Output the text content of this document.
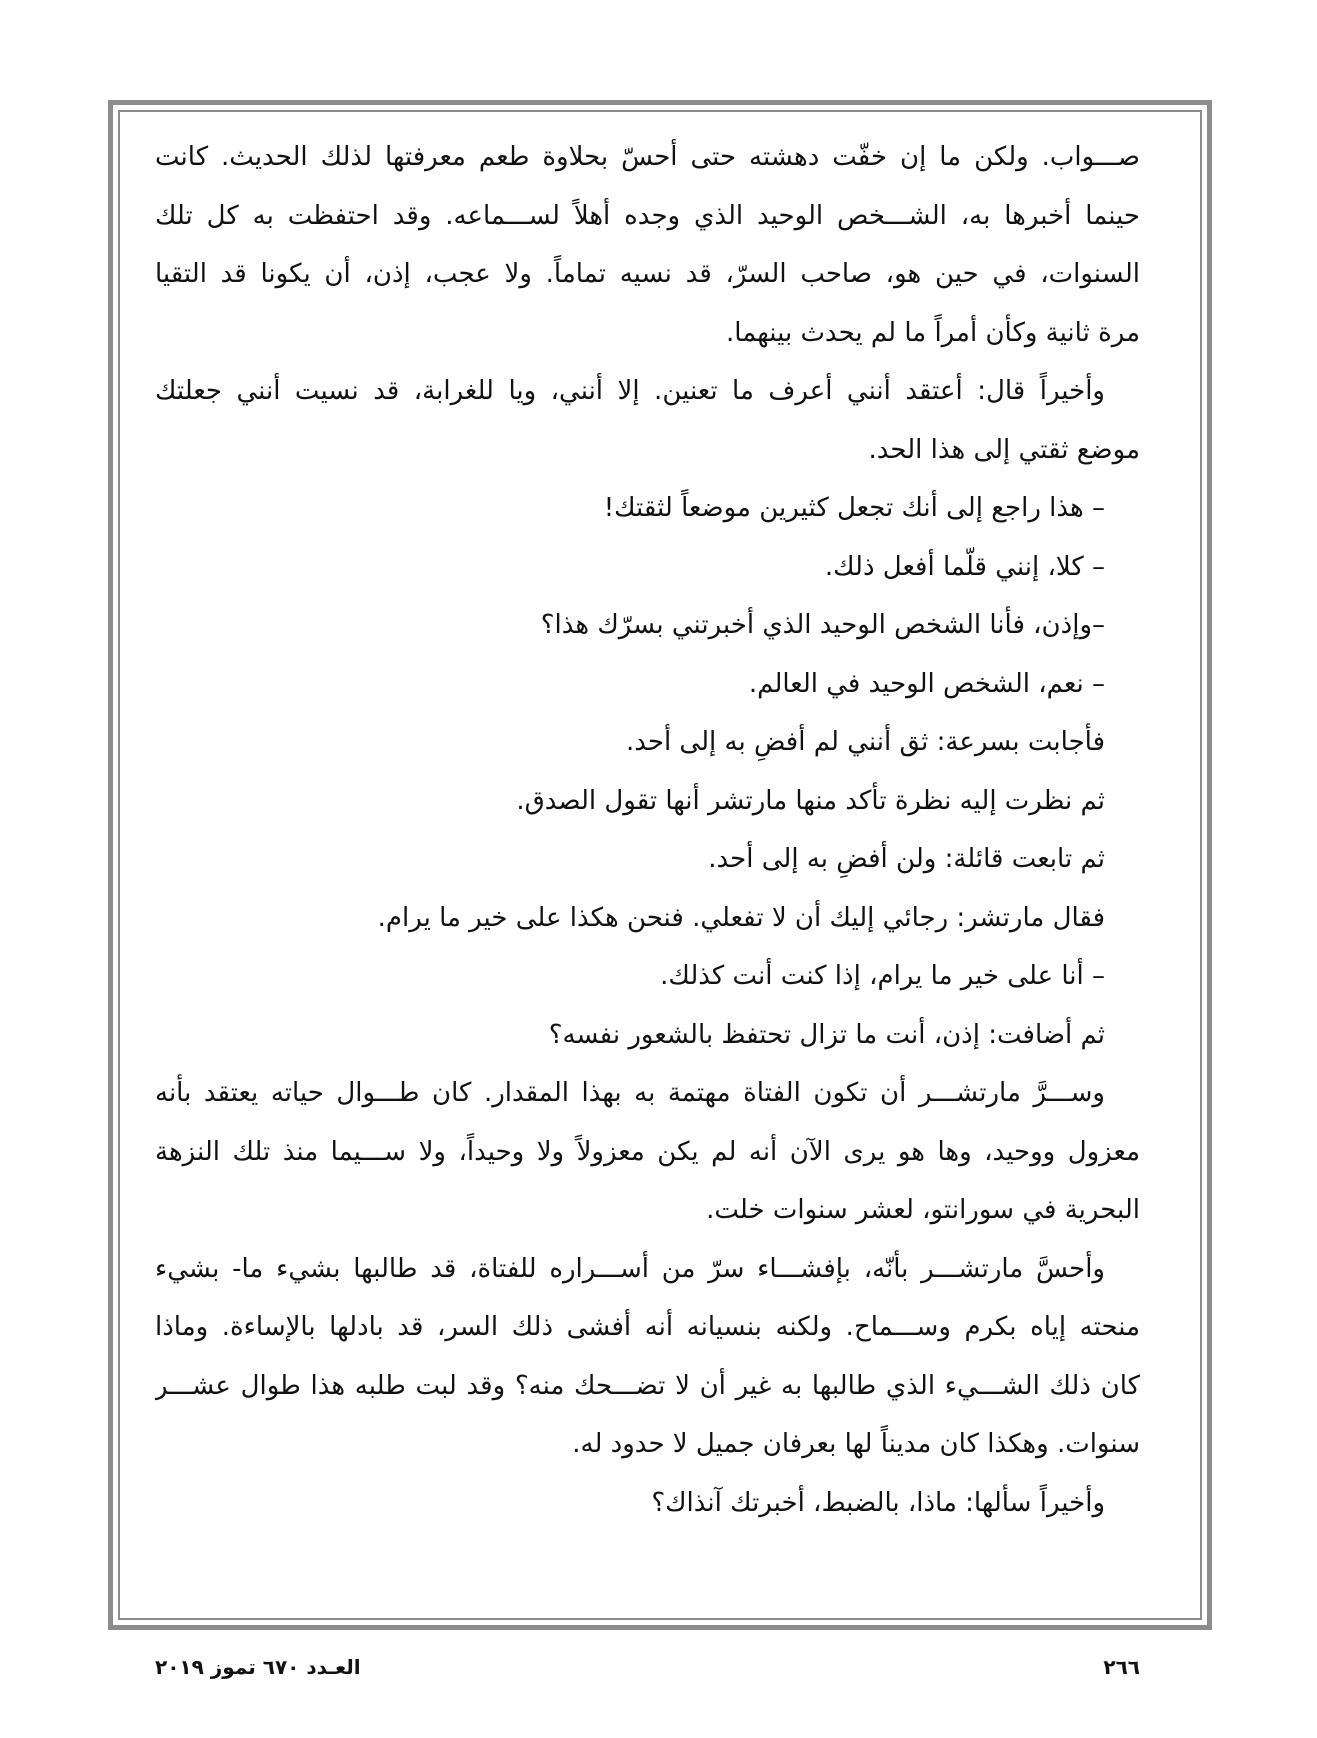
صـــواب. ولكن ما إن خفّت دهشته حتى أحسّ بحلاوة طعم معرفتها لذلك الحديث. كانت
حينما أخبرها به، الشـــخص الوحيد الذي وجده أهلاً لســـماعه. وقد احتفظت به كل تلك
السنوات، في حين هو، صاحب السرّ، قد نسيه تماماً. ولا عجب، إذن، أن يكونا قد التقيا
مرة ثانية وكأن أمراً ما لم يحدث بينهما.
وأخيراً قال: أعتقد أنني أعرف ما تعنين. إلا أنني، ويا للغرابة، قد نسيت أنني جعلتك
موضع ثقتي إلى هذا الحد.
– هذا راجع إلى أنك تجعل كثيرين موضعاً لثقتك!
– كلا، إنني قلّما أفعل ذلك.
–وإذن، فأنا الشخص الوحيد الذي أخبرتني بسرّك هذا؟
– نعم، الشخص الوحيد في العالم.
فأجابت بسرعة: ثق أنني لم أفضِ به إلى أحد.
ثم نظرت إليه نظرة تأكد منها مارتشر أنها تقول الصدق.
ثم تابعت قائلة: ولن أفضِ به إلى أحد.
فقال مارتشر: رجائي إليك أن لا تفعلي. فنحن هكذا على خير ما يرام.
– أنا على خير ما يرام، إذا كنت أنت كذلك.
ثم أضافت: إذن، أنت ما تزال تحتفظ بالشعور نفسه؟
وســـرَّ مارتشـــر أن تكون الفتاة مهتمة به بهذا المقدار. كان طـــوال حياته يعتقد بأنه
معزول ووحيد، وها هو يرى الآن أنه لم يكن معزولاً ولا وحيداً، ولا ســـيما منذ تلك النزهة
البحرية في سورانتو، لعشر سنوات خلت.
وأحسَّ مارتشـــر بأنّه، بإفشـــاء سرّ من أســـراره للفتاة، قد طالبها بشيء ما- بشيء
منحته إياه بكرم وســـماح. ولكنه بنسيانه أنه أفشى ذلك السر، قد بادلها بالإساءة. وماذا
كان ذلك الشـــيء الذي طالبها به غير أن لا تضـــحك منه؟ وقد لبت طلبه هذا طوال عشـــر
سنوات. وهكذا كان مديناً لها بعرفان جميل لا حدود له.
وأخيراً سألها: ماذا، بالضبط، أخبرتك آنذاك؟
٢٦٦
العـدد ٦٧٠ تموز ٢٠١٩
